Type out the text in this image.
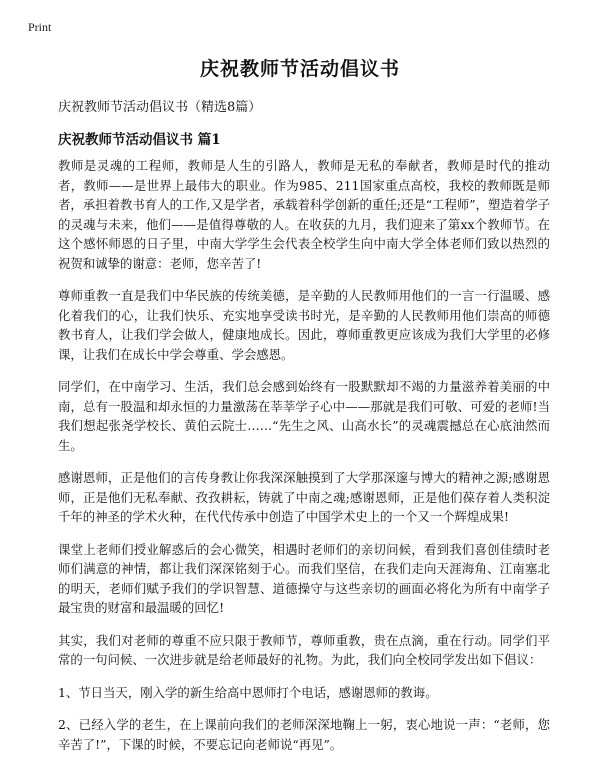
Print
庆祝教师节活动倡议书
庆祝教师节活动倡议书（精选8篇）
庆祝教师节活动倡议书 篇1

教师是灵魂的工程师，教师是人生的引路人，教师是无私的奉献者，教师是时代的推动者，教师——是世界上最伟大的职业。作为985、211国家重点高校，我校的教师既是师者，承担着教书育人的工作,又是学者，承载着科学创新的重任;还是“工程师”，塑造着学子的灵魂与未来，他们——是值得尊敬的人。在收获的九月，我们迎来了第xx个教师节。在这个感怀师恩的日子里，中南大学学生会代表全校学生向中南大学全体老师们致以热烈的祝贺和诚挚的谢意：老师，您辛苦了!

尊师重教一直是我们中华民族的传统美德，是辛勤的人民教师用他们的一言一行温暖、感化着我们的心，让我们快乐、充实地享受读书时光，是辛勤的人民教师用他们崇高的师德教书育人，让我们学会做人，健康地成长。因此，尊师重教更应该成为我们大学里的必修课，让我们在成长中学会尊重、学会感恩。

同学们，在中南学习、生活，我们总会感到始终有一股默默却不竭的力量滋养着美丽的中南，总有一股温和却永恒的力量激荡在莘莘学子心中——那就是我们可敬、可爱的老师!当我们想起张尧学校长、黄伯云院士……“先生之风、山高水长”的灵魂震撼总在心底油然而生。

感谢恩师，正是他们的言传身教让你我深深触摸到了大学那深邃与博大的精神之源;感谢恩师，正是他们无私奉献、孜孜耕耘，铸就了中南之魂;感谢恩师，正是他们葆存着人类积淀千年的神圣的学术火种，在代代传承中创造了中国学术史上的一个又一个辉煌成果!

课堂上老师们授业解惑后的会心微笑，相遇时老师们的亲切问候，看到我们喜创佳绩时老师们满意的神情，都让我们深深铭刻于心。而我们坚信，在我们走向天涯海角、江南塞北的明天，老师们赋予我们的学识智慧、道德操守与这些亲切的画面必将化为所有中南学子最宝贵的财富和最温暖的回忆!

其实，我们对老师的尊重不应只限于教师节，尊师重教，贵在点滴，重在行动。同学们平常的一句问候、一次进步就是给老师最好的礼物。为此，我们向全校同学发出如下倡议：

1、节日当天，刚入学的新生给高中恩师打个电话，感谢恩师的教诲。

2、已经入学的老生，在上课前向我们的老师深深地鞠上一躬，衷心地说一声：“老师，您辛苦了!”，下课的时候，不要忘记向老师说“再见”。
